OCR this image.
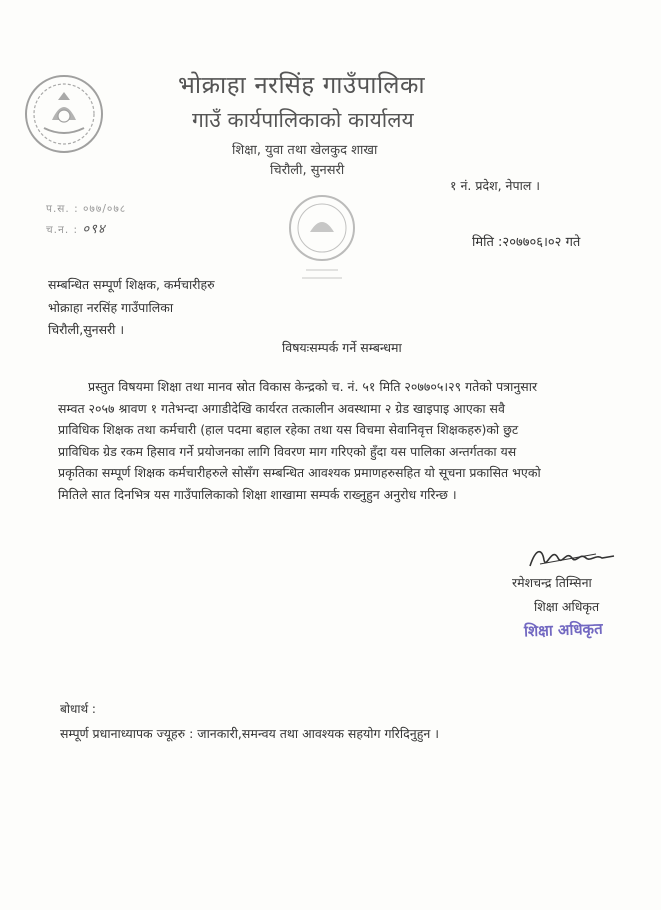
भोक्राहा नरसिंह गाउँपालिका
गाउँ कार्यपालिकाको कार्यालय
शिक्षा, युवा तथा खेलकुद शाखा
चिरौली, सुनसरी
१ नं. प्रदेश, नेपाल ।
प.स. : ०७७/०७८
च.न. : ०९४
मिति :२०७७०६।०२ गते
सम्बन्धित सम्पूर्ण शिक्षक, कर्मचारीहरु
भोक्राहा नरसिंह गाउँपालिका
चिरौली,सुनसरी ।
विषयःसम्पर्क गर्ने सम्बन्धमा
प्रस्तुत विषयमा शिक्षा तथा मानव स्रोत विकास केन्द्रको च. नं. ५१ मिति २०७७०५।२९ गतेको पत्रानुसार
सम्वत २०५७ श्रावण १ गतेभन्दा अगाडीदेखि कार्यरत तत्कालीन अवस्थामा २ ग्रेड खाइपाइ आएका सवै
प्राविधिक शिक्षक तथा कर्मचारी (हाल पदमा बहाल रहेका तथा यस विचमा सेवानिवृत्त शिक्षकहरु)को छुट
प्राविधिक ग्रेड रकम हिसाव गर्ने प्रयोजनका लागि विवरण माग गरिएको हुँदा यस पालिका अन्तर्गतका यस
प्रकृतिका सम्पूर्ण शिक्षक कर्मचारीहरुले सोसँग सम्बन्धित आवश्यक प्रमाणहरुसहित यो सूचना प्रकासित भएको
मितिले सात दिनभित्र यस गाउँपालिकाको शिक्षा शाखामा सम्पर्क राख्नुहुन अनुरोध गरिन्छ ।
रमेशचन्द्र तिम्सिना
शिक्षा अधिकृत
शिक्षा अधिकृत
बोधार्थ :
सम्पूर्ण प्रधानाध्यापक ज्यूहरु : जानकारी,समन्वय तथा आवश्यक सहयोग गरिदिनुहुन ।
